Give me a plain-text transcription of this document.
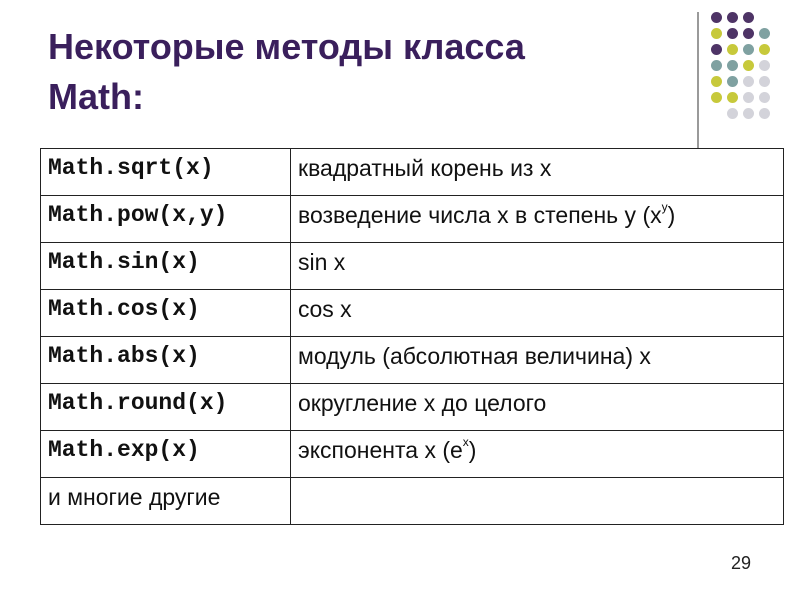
Некоторые методы класса
Math:
Math.sqrt(x)	квадратный корень из x
Math.pow(x,y)	возведение числа x в степень y $(x^y)$
Math.sin(x)	sin x
Math.cos(x)	cos x
Math.abs(x)	модуль (абсолютная величина) x
Math.round(x)	округление x до целого
Math.exp(x)	экспонента x $(e^x)$
и многие другие	
29
